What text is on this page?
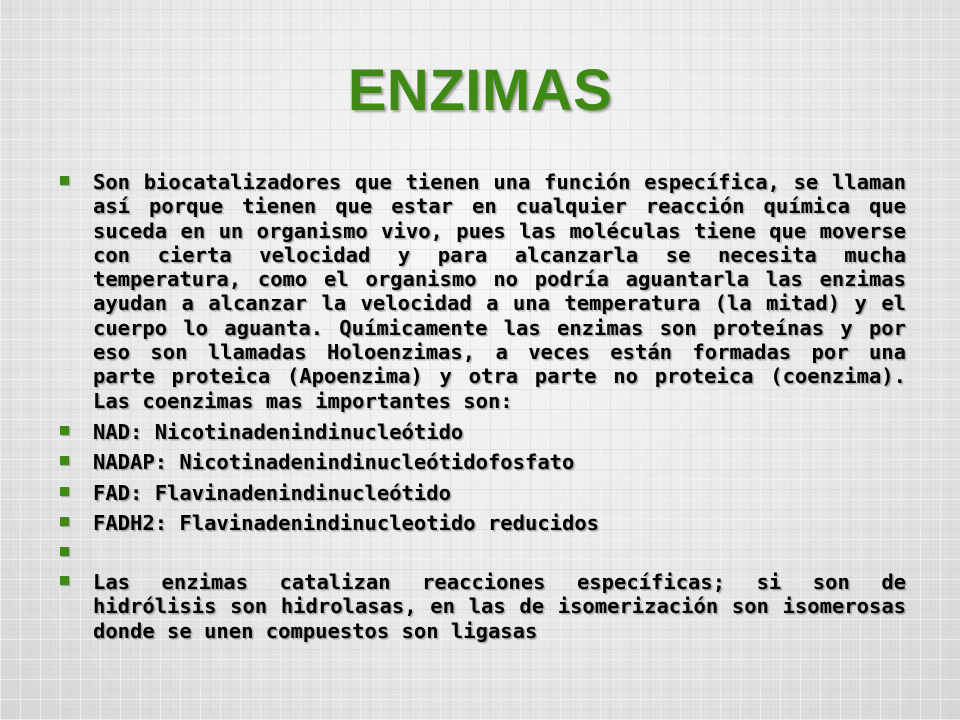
ENZIMAS
Son biocatalizadores que tienen una función específica, se llaman así porque tienen que estar en cualquier reacción química que suceda en un organismo vivo, pues las moléculas tiene que moverse con cierta velocidad y para alcanzarla se necesita mucha temperatura, como el organismo no podría aguantarla las enzimas ayudan a alcanzar la velocidad a una temperatura (la mitad) y el cuerpo lo aguanta. Químicamente las enzimas son proteínas y por eso son llamadas Holoenzimas, a veces están formadas por una parte proteica (Apoenzima) y otra parte no proteica (coenzima). Las coenzimas mas importantes son:
NAD: Nicotinadenindinucleótido
NADAP: Nicotinadenindinucleótidofosfato
FAD: Flavinadenindinucleótido
FADH2: Flavinadenindinucleotido reducidos
Las enzimas catalizan reacciones específicas; si son de hidrólisis son hidrolasas, en las de isomerización son isomerosas donde se unen compuestos son ligasas
